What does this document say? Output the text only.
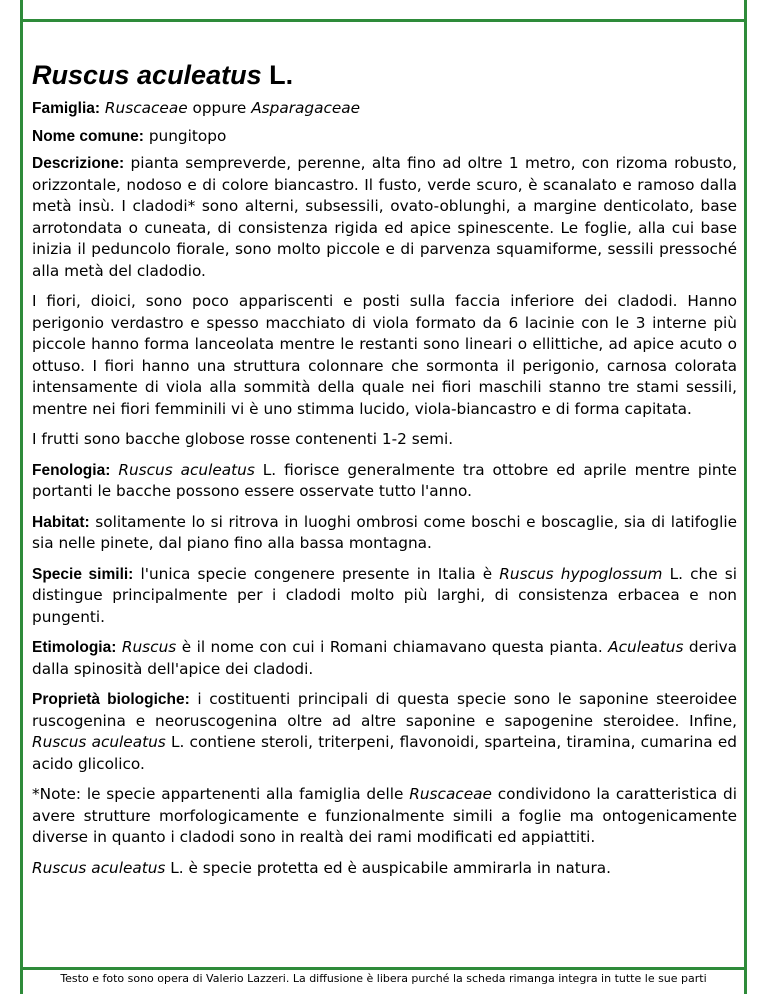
Ruscus aculeatus L.

Famiglia: Ruscaceae oppure Asparagaceae

Nome comune: pungitopo

Descrizione: pianta sempreverde, perenne, alta fino ad oltre 1 metro, con rizoma robusto, orizzontale, nodoso e di colore biancastro. Il fusto, verde scuro, è scanalato e ramoso dalla metà insù. I cladodi* sono alterni, subsessili, ovato-oblunghi, a margine denticolato, base arrotondata o cuneata, di consistenza rigida ed apice spinescente. Le foglie, alla cui base inizia il peduncolo fiorale, sono molto piccole e di parvenza squamiforme, sessili pressoché alla metà del cladodio.

I fiori, dioici, sono poco appariscenti e posti sulla faccia inferiore dei cladodi. Hanno perigonio verdastro e spesso macchiato di viola formato da 6 lacinie con le 3 interne più piccole hanno forma lanceolata mentre le restanti sono lineari o ellittiche, ad apice acuto o ottuso. I fiori hanno una struttura colonnare che sormonta il perigonio, carnosa colorata intensamente di viola alla sommità della quale nei fiori maschili stanno tre stami sessili, mentre nei fiori femminili vi è uno stimma lucido, viola-biancastro e di forma capitata.

I frutti sono bacche globose rosse contenenti 1-2 semi.

Fenologia: Ruscus aculeatus L. fiorisce generalmente tra ottobre ed aprile mentre pinte portanti le bacche possono essere osservate tutto l'anno.

Habitat: solitamente lo si ritrova in luoghi ombrosi come boschi e boscaglie, sia di latifoglie sia nelle pinete, dal piano fino alla bassa montagna.

Specie simili: l'unica specie congenere presente in Italia è Ruscus hypoglossum L. che si distingue principalmente per i cladodi molto più larghi, di consistenza erbacea e non pungenti.

Etimologia: Ruscus è il nome con cui i Romani chiamavano questa pianta. Aculeatus deriva dalla spinosità dell'apice dei cladodi.

Proprietà biologiche: i costituenti principali di questa specie sono le saponine steeroidee ruscogenina e neoruscogenina oltre ad altre saponine e sapogenine steroidee. Infine, Ruscus aculeatus L. contiene steroli, triterpeni, flavonoidi, sparteina, tiramina, cumarina ed acido glicolico.

*Note: le specie appartenenti alla famiglia delle Ruscaceae condividono la caratteristica di avere strutture morfologicamente e funzionalmente simili a foglie ma ontogenicamente diverse in quanto i cladodi sono in realtà dei rami modificati ed appiattiti.

Ruscus aculeatus L. è specie protetta ed è auspicabile ammirarla in natura.

Testo e foto sono opera di Valerio Lazzeri. La diffusione è libera purché la scheda rimanga integra in tutte le sue parti
